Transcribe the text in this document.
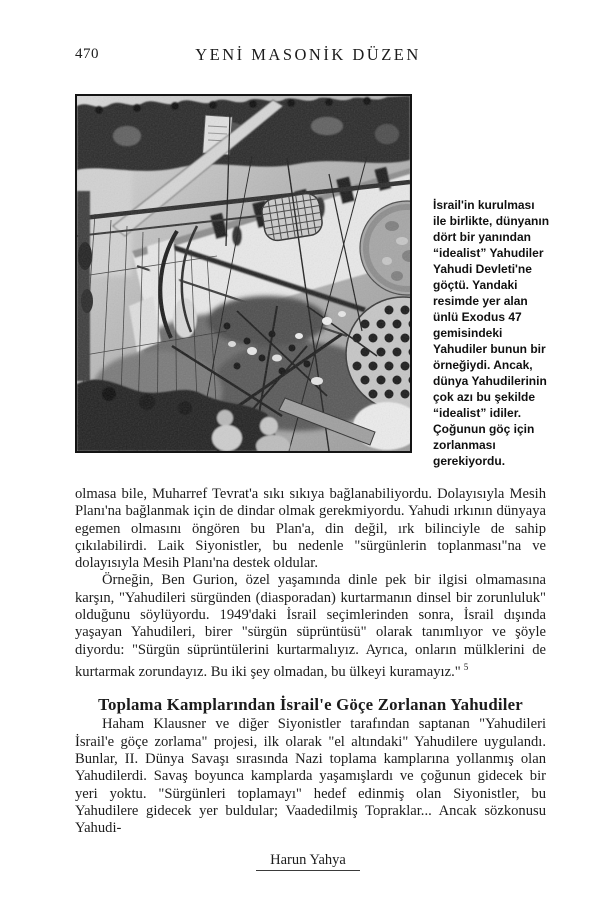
470	YENİ MASONİK DÜZEN
İsrail'in kurulması ile birlikte, dünyanın dört bir yanından “idealist” Yahudiler Yahudi Devleti'ne göçtü. Yandaki resimde yer alan ünlü Exodus 47 gemisindeki Yahudiler bunun bir örneğiydi. Ancak, dünya Yahudilerinin çok azı bu şekilde “idealist” idiler. Çoğunun göç için zorlanması gerekiyordu.

olmasa bile, Muharref Tevrat'a sıkı sıkıya bağlanabiliyordu. Dolayısıyla Mesih Planı'na bağlanmak için de dindar olmak gerekmiyordu. Yahudi ırkının dünyaya egemen olmasını öngören bu Plan'a, din değil, ırk bilinciyle de sahip çıkılabilirdi. Laik Siyonistler, bu nedenle "sürgünlerin toplanması"na ve dolayısıyla Mesih Planı'na destek oldular.

Örneğin, Ben Gurion, özel yaşamında dinle pek bir ilgisi olmamasına karşın, "Yahudileri sürgünden (diasporadan) kurtarmanın dinsel bir zorunluluk" olduğunu söylüyordu. 1949'daki İsrail seçimlerinden sonra, İsrail dışında yaşayan Yahudileri, birer "sürgün süprüntüsü" olarak tanımlıyor ve şöyle diyordu: "Sürgün süprüntülerini kurtarmalıyız. Ayrıca, onların mülklerini de kurtarmak zorundayız. Bu iki şey olmadan, bu ülkeyi kuramayız." $^5$

Toplama Kamplarından İsrail'e Göçe Zorlanan Yahudiler

Haham Klausner ve diğer Siyonistler tarafından saptanan "Yahudileri İsrail'e göçe zorlama" projesi, ilk olarak "el altındaki" Yahudilere uygulandı. Bunlar, II. Dünya Savaşı sırasında Nazi toplama kamplarına yollanmış olan Yahudilerdi. Savaş boyunca kamplarda yaşamışlardı ve çoğunun gidecek bir yeri yoktu. "Sürgünleri toplamayı" hedef edinmiş olan Siyonistler, bu Yahudilere gidecek yer buldular; Vaadedilmiş Topraklar... Ancak sözkonusu Yahudi-

Harun Yahya
